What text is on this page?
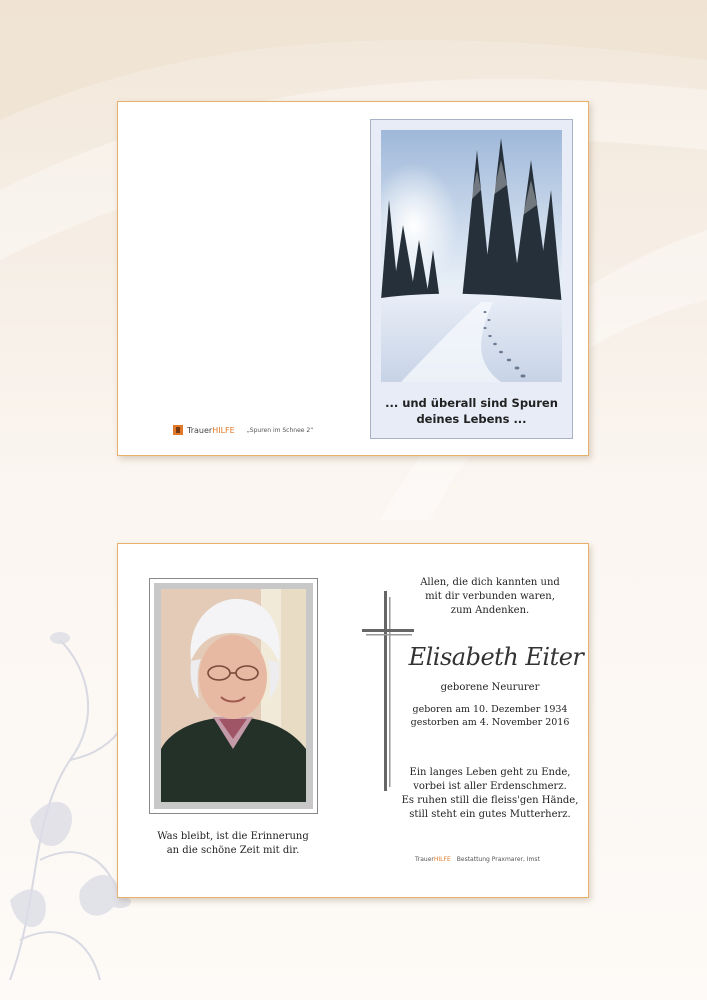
TrauerHILFE „Spuren im Schnee 2“
... und überall sind Spuren
deines Lebens ...
Was bleibt, ist die Erinnerung
an die schöne Zeit mit dir.
Allen, die dich kannten und
mit dir verbunden waren,
zum Andenken.
Elisabeth Eiter
geborene Neururer
geboren am 10. Dezember 1934
gestorben am 4. November 2016
Ein langes Leben geht zu Ende,
vorbei ist aller Erdenschmerz.
Es ruhen still die fleiss'gen Hände,
still steht ein gutes Mutterherz.
TrauerHILFE Bestattung Praxmarer, Imst
